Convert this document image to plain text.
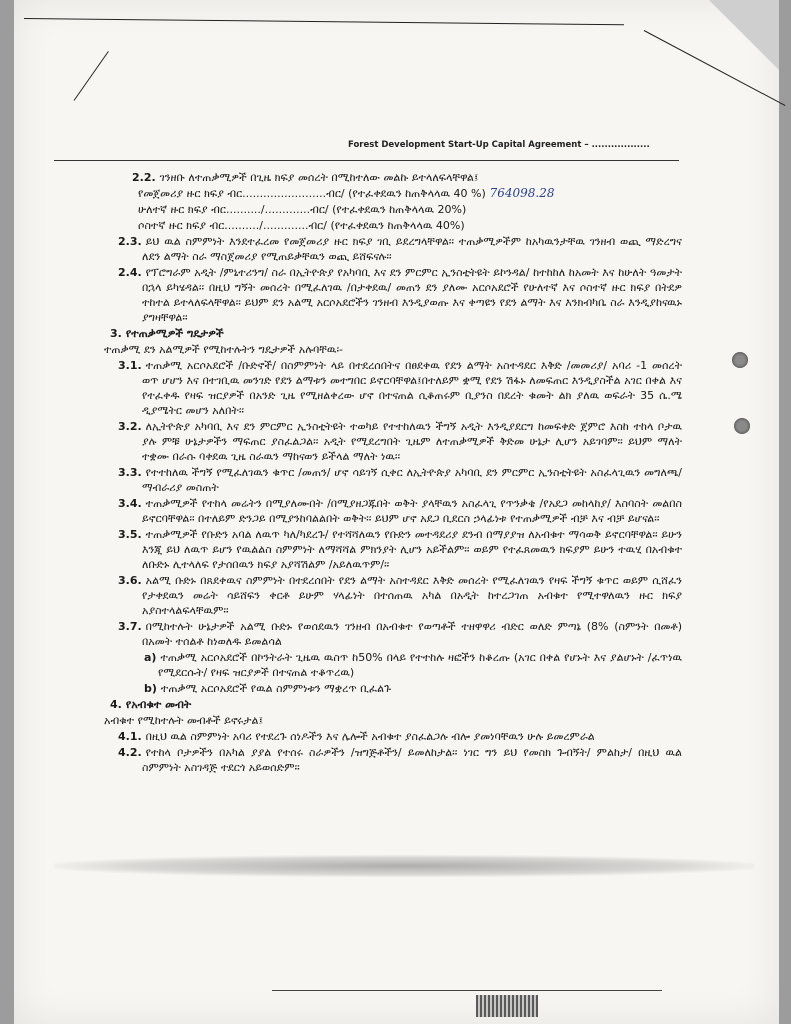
Forest Development Start-Up Capital Agreement – ..................
2.2. ገንዘቡ ለተጠቃሚዎች በጊዜ ክፍያ መሰረት በሚከተለው መልኩ ይተላለፍላቸዋል፤
የመጀመሪያ ዙር ክፍያ ብር........................ብር/ (የተፈቀደዉን ከጠቅላላዉ 40 %) 764098.28
ሁለተኛ ዙር ክፍያ ብር........../.............ብር/ (የተፈቀደዉን ከጠቅላላዉ 20%)
ሶስተኛ ዙር ክፍያ ብር........../.............ብር/ (የተፈቀደዉን ከጠቅላላዉ 40%)
2.3. ይህ ዉል ስምምነት እንደተፈረመ የመጀመሪያ ዙር ክፍያ ገቢ ይደረግላቸዋል፡፡ ተጠቃሚዎችም ከአካዉንታቸዉ ገንዘብ ወጪ ማድረግና ለደን ልማት ስራ ማስጀመሪያ የሚጠይቃቸዉን ወጪ ይሸፍናሉ፡፡
2.4. የፕሮግራም አዲት /ምኒተሪንግ/ ስራ በኢትዮጵያ የአካባቢ እና ደን ምርምር ኢንስቲትዩት ይኮንዳል/ ከተከከለ ከአመት እና ከሁለት ዓመታት በኋላ ይካሄዳል፡፡ በዚህ ግኝት መሰረት በሚፈለገዉ /በታቀደዉ/ መጠን ደን ያለሙ አርሶአደሮች የሁለተኛ እና ሶስተኛ ዙር ክፍያ በትደዎ ተከተል ይተላለፍላቸዋል፡፡ ይህም ደን አልሚ አርሶአደሮችን ገንዘብ እንዲያወጡ እና ቀጣዩን የደን ልማት እና እንክብካቤ ስራ እንዲያከናዉኑ ያግዛቸዋል፡፡
3. የተጠቃሚዎች ግዴታዎች
ተጠቃሚ ደን አልሚዎች የሚከተሉትን ግዴታዎች አሉባቸዉ፡-
3.1. ተጠቃሚ አርሶአደሮች /ቡድኖች/ በስምምነት ላይ በተደረሰበትና በፀደቀዉ የደን ልማት አስተዳደር እቅድ /መመሪያ/ አባሪ -1 መሰረት ወጥ ሆሆን እና በተገቢዉ መንገድ የደን ልማቱን መተግበር ይኖርባቸዋል፤በተለይም ቋሚ የደን ሽፋኑ ለመፍጠር እንዲያስችል አገር በቀል እና የተፈቀዱ የዛፍ ዝርያዎች በአንድ ጊዜ የሚዘልቀረው ሆኖ በተናጠል ሲቆጠሩም ቢያንስ በደረት ቁመት ልክ ያለዉ ወፍራት 35 ሴ.ሜ ዲያሜትር መሆን አለበት፡፡
3.2. ለኢትዮጵያ አካባቢ እና ደን ምርምር ኢንስቲትዩት ተወካይ የተተከለዉን ችግኝ አዲት እንዲያደርግ ከመፍቀድ ጀምሮ እስከ ተከላ ቦታዉ ያሉ ምቹ ሁኔታዎችን ማፍጠር ያስፈልጋል፡፡ አዲት የሚደረግበት ጊዜም ለተጠቃሚዎች ቅድመ ሁኔታ ሊሆን አይገባም፡፡ ይህም ማለት ተቋሙ በራሱ ባቀደዉ ጊዜ ስራዉን ማከናወን ይችላል ማለት ነዉ፡፡
3.3. የተተከለዉ ችግኝ የሚፈለገዉን ቁጥር /መጠን/ ሆኖ ሳይገኝ ሲቀር ለኢትዮጵያ አካባቢ ደን ምርምር ኢንስቲትዩት አስፈላጊዉን መግለጫ/ማብራሪያ መስጠት
3.4. ተጠቃሚዎች የተከላ መሬትን በሚያለሙበት /በሚያዘጋጁበት ወቅት ያላቸዉን አስፈላጊ የጥንቃቄ /የአደጋ መከላከያ/ እስባስት መልበስ ይኖርባቸዋል፡፡ በተለይም ድንጋይ በሚያንከባልልበት ወቅት፡፡ ይህም ሆኖ አደጋ ቢደርስ ኃላፊነቱ የተጠቃሚዎች ብቻ እና ብቻ ይሆናል፡፡
3.5. ተጠቃሚዎች የቡድን አባል ለዉጥ ካለ/ካደረጉ/ የተሻሻለዉን የቡድን መተዳደሪያ ደንብ በማያያዝ ለአብቁተ ማሳወቅ ይኖርባቸዋል፡፡ ይሁን እንጂ ይህ ለዉጥ ይሆን የዉልልስ ስምምነት ለማሻሻል ምክንያት ሊሆን አይችልም፡፡ ወይም የተፈጸመዉን ክፍያም ይሁን ተዉሂ በአብቁተ ለቡድኑ ሊተላለፍ የታሰበዉን ክፍያ አያሻሽልም /አይለዉጥም/፡፡
3.6. አልሚ ቡድኑ በጸደቀዉና ስምምነት በተደረሰበት የደን ልማት አስተዳደር እቅድ መሰረት የሚፈለገዉን የዛፍ ችግኝ ቁጥር ወይም ሲሸፈን የታቀደዉን መሬት ሳይሸፍን ቀርቶ ይሁም ሃላፊነት በተሰጠዉ አካል በአዲት ከተረጋገጠ አብቁተ የሚተዋለዉን ዙር ክፍያ አያስተላልፍላቸዉም፡፡
3.7. በሚከተሉት ሁኔታዎች አልሚ ቡድኑ የወሰደዉን ገንዘብ በአብቁተ የወጣቶች ተዘዋዋሪ ብድር ወለድ ምጣኔ (8% (ስምንት በመቶ) በአመት ተሰልቶ ከነወለዱ ይመልሳል
a) ተጠቃሚ አርሶአደሮች በኮንትራት ጊዜዉ ዉስጥ ከ50% በላይ የተተከሉ ዛፎችን ከቆረጡ (አገር በቀል የሆኑት እና ያልሆኑት /ፈጥነዉ የሚደርሱት/ የዛፍ ዝርያዎች በተናጠል ተቆጥረዉ)
b) ተጠቃሚ አርሶአደሮች የዉል ስምምነቱን ማቋረጥ ቢፈልጉ
4. የአብቁተ መብት
አብቁተ የሚከተሉት መብቶች ይኖሩታል፤
4.1. በዚህ ዉል ስምምነት አባሪ የተደረጉ ሰነዶችን እና ሌሎች አብቁተ ያስፈልጋሉ ብሎ ያመነባቸዉን ሁሉ ይመረምራል
4.2. የተከላ ቦታዎችን በአካል ያያል የተሰሩ ስራዎችን /ዝግጅቶችን/ ይመለከታል፡፡ ነገር ግን ይህ የመስክ ጉብኝት/ ምልከታ/ በዚህ ዉል ስምምነት አስገዳጅ ተደርጎ አይወሰድም፡፡
